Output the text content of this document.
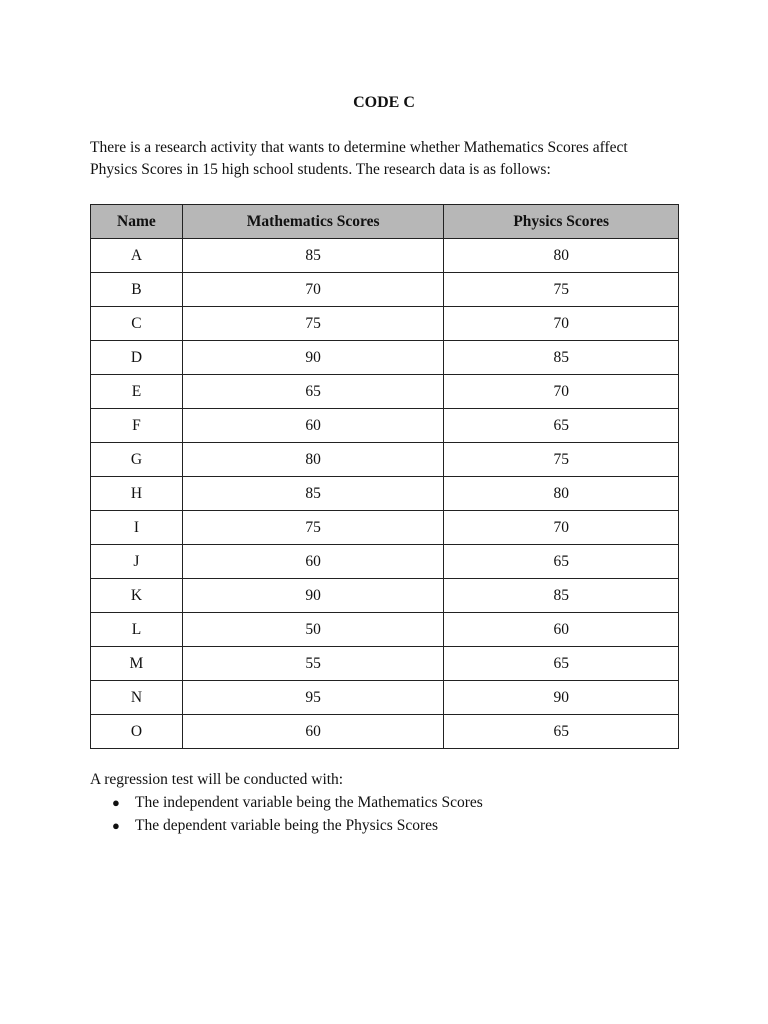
CODE C

There is a research activity that wants to determine whether Mathematics Scores affect

Physics Scores in 15 high school students. The research data is as follows:

Name	Mathematics Scores	Physics Scores
A	85	80
B	70	75
C	75	70
D	90	85
E	65	70
F	60	65
G	80	75
H	85	80
I	75	70
J	60	65
K	90	85
L	50	60
M	55	65
N	95	90
O	60	65

A regression test will be conducted with:

● The independent variable being the Mathematics Scores
● The dependent variable being the Physics Scores
